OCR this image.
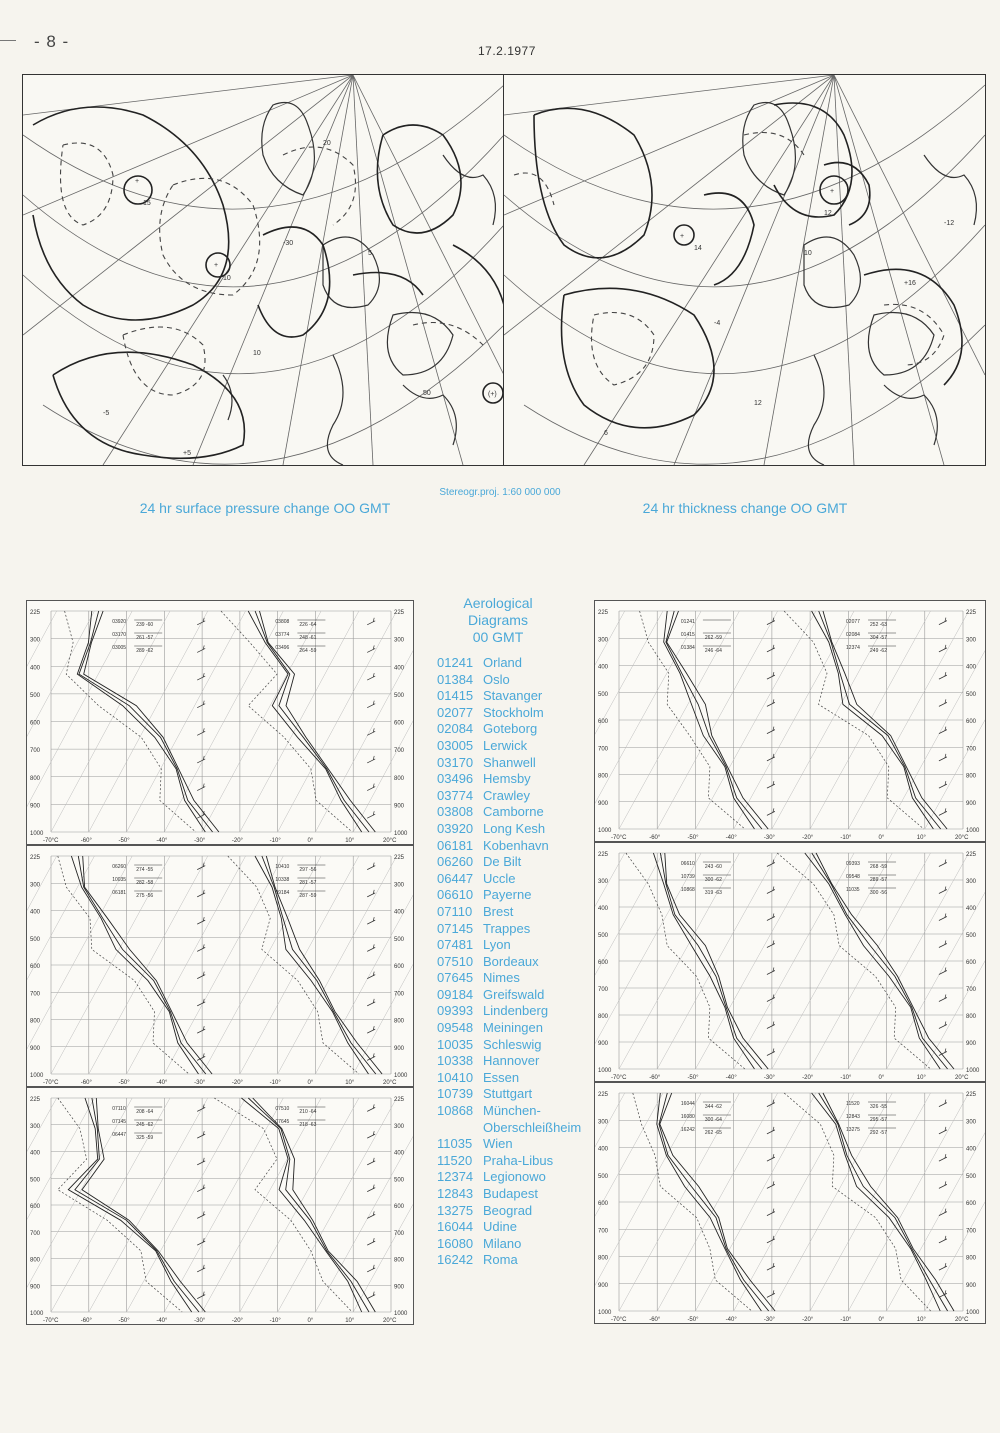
- 8 -	17.2.1977
+
+
(+)
15
10
20
5
10
50
-30
-5
+5
+
+
14
12
-12
10
-4
+16
6
12
24 hr surface pressure change OO GMT
Stereogr.proj. 1:60 000 000
24 hr thickness change OO GMT
225	225
300	300
400	400
500	500
600	600
700	700
800	800
900	900
1000	1000
-70°C	-60°	-50°	-40°	-30°	-20°	-10°	0°	10°	20°C
03920 239 -60
03170 261 -57
03005 289 -62
03808 226 -64
03774 248 -61
03496 264 -59
225	225
300	300
400	400
500	500
600	600
700	700
800	800
900	900
1000	1000
-70°C	-60°	-50°	-40°	-30°	-20°	-10°	0°	10°	20°C
06260 274 -55
10035 282 -58
06181 275 -56
10410 297 -56
10338 281 -57
09184 287 -59
225	225
300	300
400	400
500	500
600	600
700	700
800	800
900	900
1000	1000
-70°C	-60°	-50°	-40°	-30°	-20°	-10°	0°	10°	20°C
07110 208 -64
07145 245 -62
06447 325 -59
07510 210 -64
07645 218 -63
225	225
300	300
400	400
500	500
600	600
700	700
800	800
900	900
1000	1000
-70°C	-60°	-50°	-40°	-30°	-20°	-10°	0°	10°	20°C
01241
01415 262 -59
01384 246 -64
02077 252 -63
02084 304 -57
12374 249 -62
225	225
300	300
400	400
500	500
600	600
700	700
800	800
900	900
1000	1000
-70°C	-60°	-50°	-40°	-30°	-20°	-10°	0°	10°	20°C
06610 243 -60
10739 300 -62
10868 319 -63
09393 268 -59
09548 289 -57
11035 300 -56
225	225
300	300
400	400
500	500
600	600
700	700
800	800
900	900
1000	1000
-70°C	-60°	-50°	-40°	-30°	-20°	-10°	0°	10°	20°C
16044 344 -62
16080 300 -64
16242 262 -65
11520 326 -55
12843 295 -57
13275 292 -57
Aerological
Diagrams
00 GMT
01241 Orland
01384 Oslo
01415 Stavanger
02077 Stockholm
02084 Goteborg
03005 Lerwick
03170 Shanwell
03496 Hemsby
03774 Crawley
03808 Camborne
03920 Long Kesh
06181 Kobenhavn
06260 De Bilt
06447 Uccle
06610 Payerne
07110 Brest
07145 Trappes
07481 Lyon
07510 Bordeaux
07645 Nimes
09184 Greifswald
09393 Lindenberg
09548 Meiningen
10035 Schleswig
10338 Hannover
10410 Essen
10739 Stuttgart
10868 München-
Oberschleißheim
11035 Wien
11520 Praha-Libus
12374 Legionowo
12843 Budapest
13275 Beograd
16044 Udine
16080 Milano
16242 Roma
